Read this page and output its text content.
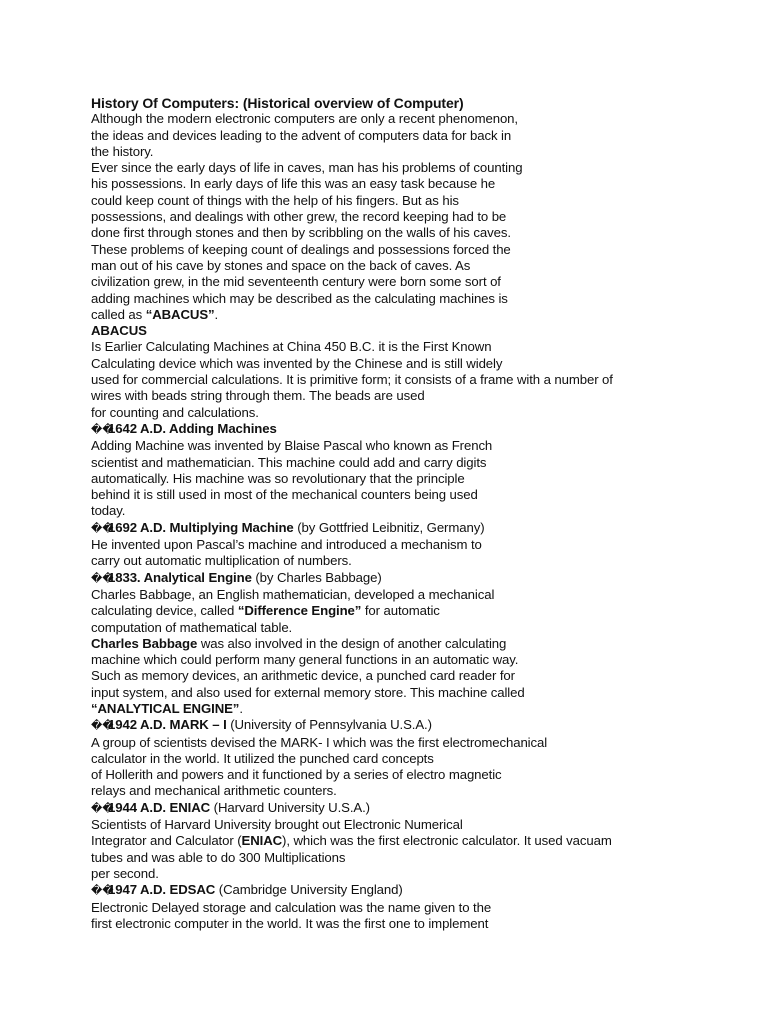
History Of Computers: (Historical overview of Computer)
Although the modern electronic computers are only a recent phenomenon,
the ideas and devices leading to the advent of computers data for back in
the history.
Ever since the early days of life in caves, man has his problems of counting
his possessions. In early days of life this was an easy task because he
could keep count of things with the help of his fingers. But as his
possessions, and dealings with other grew, the record keeping had to be
done first through stones and then by scribbling on the walls of his caves.
These problems of keeping count of dealings and possessions forced the
man out of his cave by stones and space on the back of caves. As
civilization grew, in the mid seventeenth century were born some sort of
adding machines which may be described as the calculating machines is
called as “ABACUS”.
ABACUS
Is Earlier Calculating Machines at China 450 B.C. it is the First Known
Calculating device which was invented by the Chinese and is still widely
used for commercial calculations. It is primitive form; it consists of a frame with a number of
wires with beads string through them. The beads are used
for counting and calculations.
��1642 A.D. Adding Machines
Adding Machine was invented by Blaise Pascal who known as French
scientist and mathematician. This machine could add and carry digits
automatically. His machine was so revolutionary that the principle
behind it is still used in most of the mechanical counters being used
today.
��1692 A.D. Multiplying Machine (by Gottfried Leibnitiz, Germany)
He invented upon Pascal’s machine and introduced a mechanism to
carry out automatic multiplication of numbers.
��1833. Analytical Engine (by Charles Babbage)
Charles Babbage, an English mathematician, developed a mechanical
calculating device, called “Difference Engine” for automatic
computation of mathematical table.
Charles Babbage was also involved in the design of another calculating
machine which could perform many general functions in an automatic way.
Such as memory devices, an arithmetic device, a punched card reader for
input system, and also used for external memory store. This machine called
“ANALYTICAL ENGINE”.
��1942 A.D. MARK – I (University of Pennsylvania U.S.A.)
A group of scientists devised the MARK- I which was the first electromechanical
calculator in the world. It utilized the punched card concepts
of Hollerith and powers and it functioned by a series of electro magnetic
relays and mechanical arithmetic counters.
��1944 A.D. ENIAC (Harvard University U.S.A.)
Scientists of Harvard University brought out Electronic Numerical
Integrator and Calculator (ENIAC), which was the first electronic calculator. It used vacuam
tubes and was able to do 300 Multiplications
per second.
��1947 A.D. EDSAC (Cambridge University England)
Electronic Delayed storage and calculation was the name given to the
first electronic computer in the world. It was the first one to implement
